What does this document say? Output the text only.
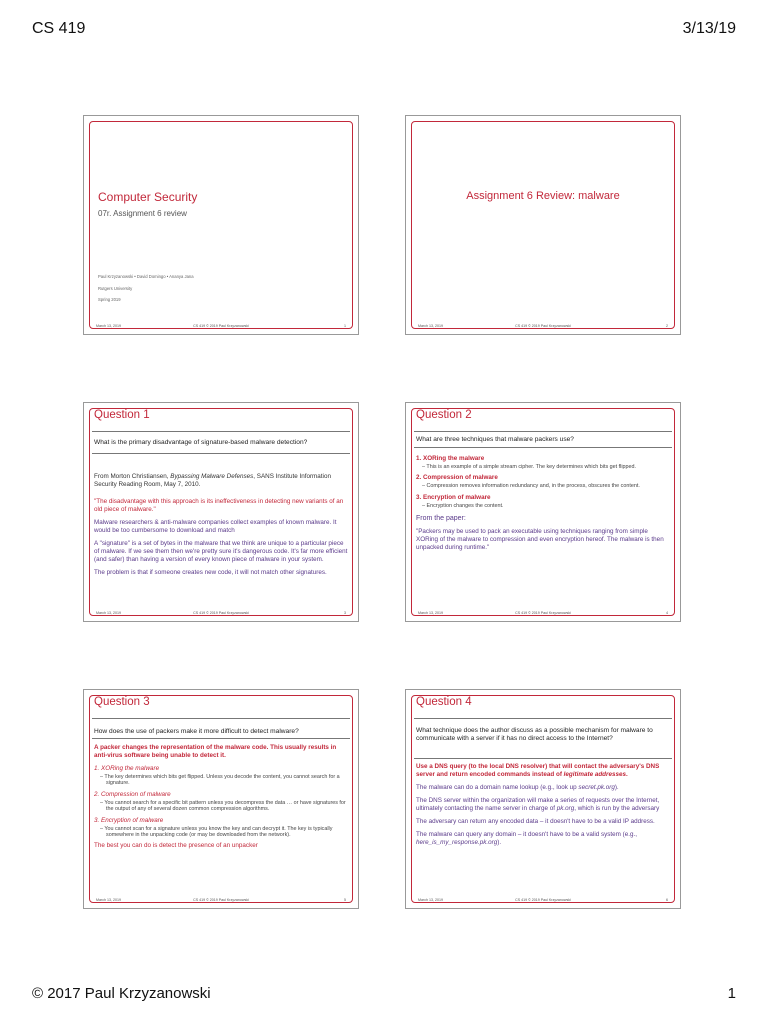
CS 419	3/13/19
Computer Security
07r. Assignment 6 review
Paul Krzyzanowski • David Domingo • Ananya Jana
Rutgers University
Spring 2019
March 13, 2019	CS 419 © 2019 Paul Krzyzanowski	1
Assignment 6 Review: malware
March 13, 2019	CS 419 © 2019 Paul Krzyzanowski	2
Question 1
What is the primary disadvantage of signature-based malware detection?

From Morton Christiansen, Bypassing Malware Defenses, SANS Institute Information Security Reading Room, May 7, 2010.

"The disadvantage with this approach is its ineffectiveness in detecting new variants of an old piece of malware."

Malware researchers & anti-malware companies collect examples of known malware. It would be too cumbersome to download and match

A "signature" is a set of bytes in the malware that we think are unique to a particular piece of malware. If we see them then we're pretty sure it's dangerous code. It's far more efficient (and safer) than having a version of every known piece of malware in your system.

The problem is that if someone creates new code, it will not match other signatures.

March 13, 2019	CS 419 © 2019 Paul Krzyzanowski	3
Question 2
What are three techniques that malware packers use?
1. XORing the malware
– This is an example of a simple stream cipher. The key determines which bits get flipped.
2. Compression of malware
– Compression removes information redundancy and, in the process, obscures the content.
3. Encryption of malware
– Encryption changes the content.

From the paper:

"Packers may be used to pack an executable using techniques ranging from simple XORing of the malware to compression and even encryption hereof. The malware is then unpacked during runtime."

March 13, 2019	CS 419 © 2019 Paul Krzyzanowski	4
Question 3
How does the use of packers make it more difficult to detect malware?

A packer changes the representation of the malware code. This usually results in anti-virus software being unable to detect it.

1. XORing the malware
– The key determines which bits get flipped. Unless you decode the content, you cannot search for a signature.
2. Compression of malware
– You cannot search for a specific bit pattern unless you decompress the data … or have signatures for the output of any of several dozen common compression algorithms.
3. Encryption of malware
– You cannot scan for a signature unless you know the key and can decrypt it. The key is typically somewhere in the unpacking code (or may be downloaded from the network).

The best you can do is detect the presence of an unpacker

March 13, 2019	CS 419 © 2019 Paul Krzyzanowski	5
Question 4
What technique does the author discuss as a possible mechanism for malware to communicate with a server if it has no direct access to the Internet?

Use a DNS query (to the local DNS resolver) that will contact the adversary's DNS server and return encoded commands instead of legitimate addresses.

The malware can do a domain name lookup (e.g., look up secret.pk.org).

The DNS server within the organization will make a series of requests over the Internet, ultimately contacting the name server in charge of pk.org, which is run by the adversary

The adversary can return any encoded data – it doesn't have to be a valid IP address.

The malware can query any domain – it doesn't have to be a valid system (e.g., here_is_my_response.pk.org).

March 13, 2019	CS 419 © 2019 Paul Krzyzanowski	6
© 2017 Paul Krzyzanowski	1
